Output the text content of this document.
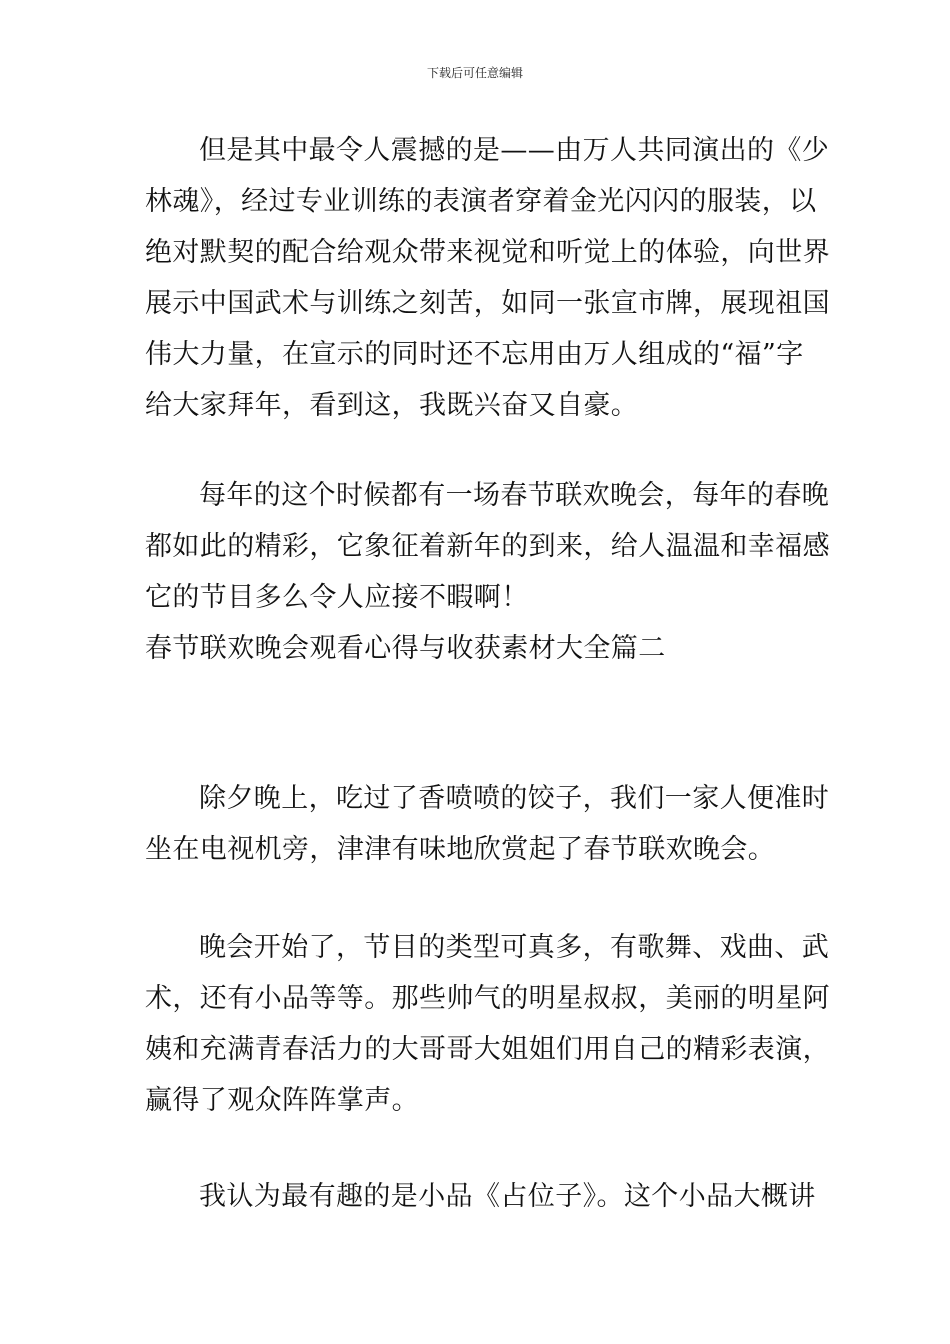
下载后可任意编辑
但是其中最令人震撼的是——由万人共同演出的《少
林魂》，经过专业训练的表演者穿着金光闪闪的服装，以
绝对默契的配合给观众带来视觉和听觉上的体验，向世界
展示中国武术与训练之刻苦，如同一张宣市牌，展现祖国
伟大力量，在宣示的同时还不忘用由万人组成的“福”字
给大家拜年，看到这，我既兴奋又自豪。
每年的这个时候都有一场春节联欢晚会，每年的春晚
都如此的精彩，它象征着新年的到来，给人温温和幸福感
它的节目多么令人应接不暇啊！
春节联欢晚会观看心得与收获素材大全篇二
除夕晚上，吃过了香喷喷的饺子，我们一家人便准时
坐在电视机旁，津津有味地欣赏起了春节联欢晚会。
晚会开始了，节目的类型可真多，有歌舞、戏曲、武
术，还有小品等等。那些帅气的明星叔叔，美丽的明星阿
姨和充满青春活力的大哥哥大姐姐们用自己的精彩表演，
赢得了观众阵阵掌声。
我认为最有趣的是小品《占位子》。这个小品大概讲
